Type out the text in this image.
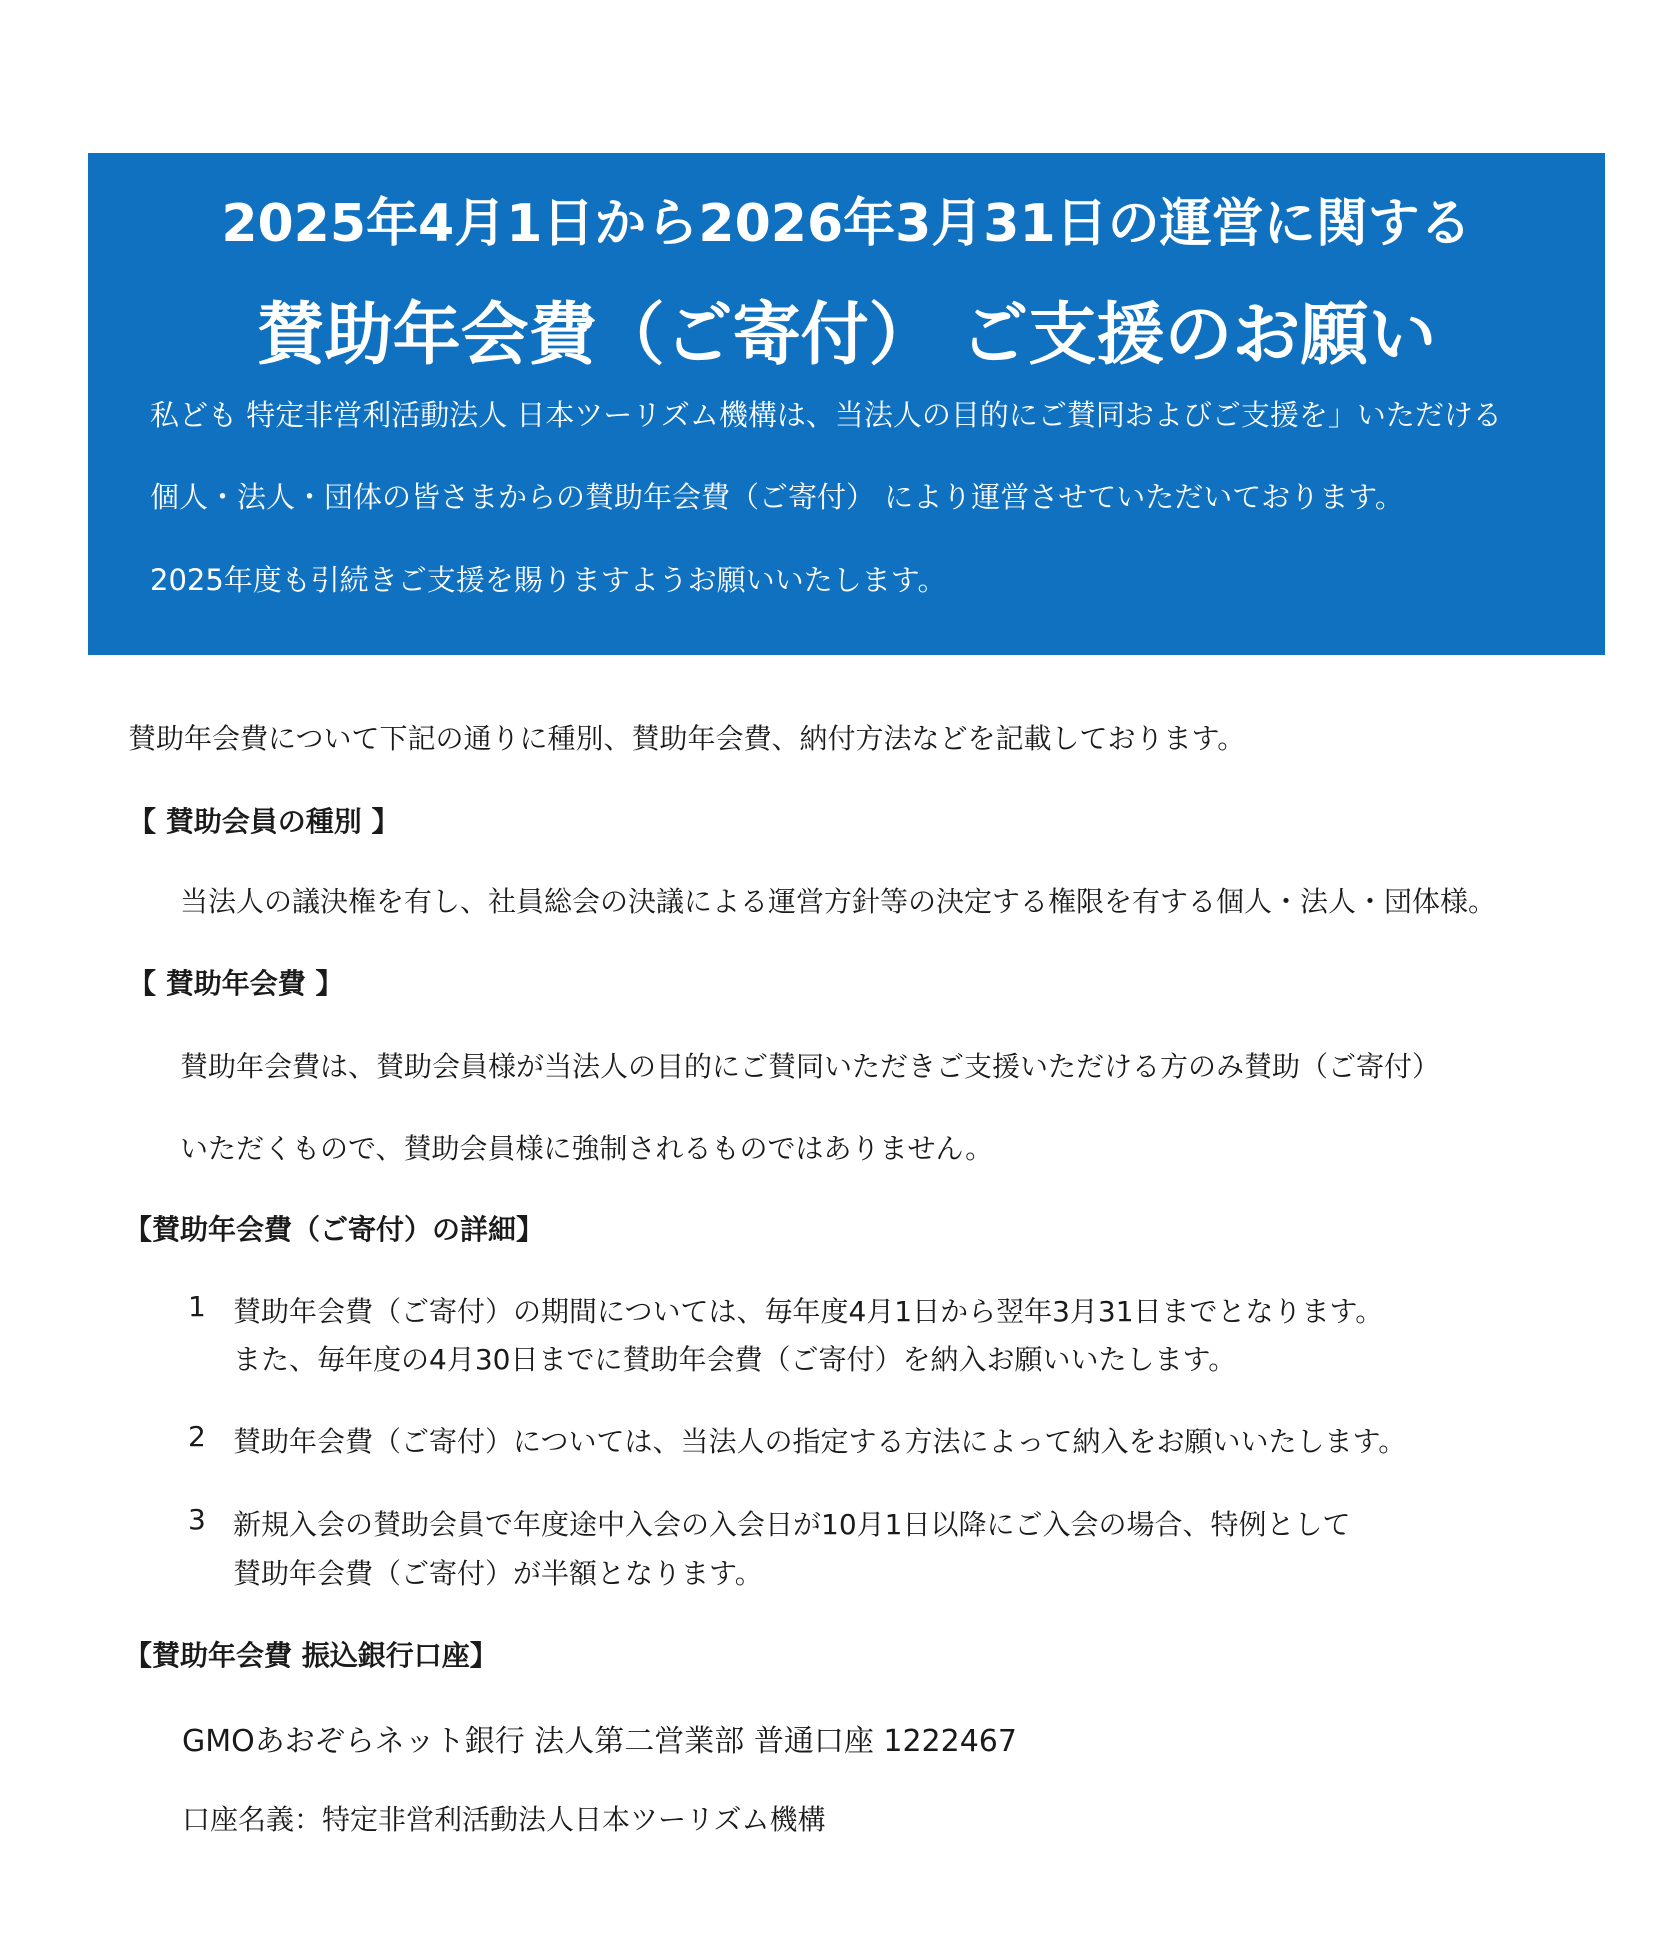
2025年4月1日から2026年3月31日の運営に関する
賛助年会費（ご寄付） ご支援のお願い
私ども 特定非営利活動法人 日本ツーリズム機構は、当法人の目的にご賛同およびご支援を」いただける
個人・法人・団体の皆さまからの賛助年会費（ご寄付） により運営させていただいております。
2025年度も引続きご支援を賜りますようお願いいたします。
賛助年会費について下記の通りに種別、賛助年会費、納付方法などを記載しております。
【 賛助会員の種別 】
当法人の議決権を有し、社員総会の決議による運営方針等の決定する権限を有する個人・法人・団体様。
【 賛助年会費 】
賛助年会費は、賛助会員様が当法人の目的にご賛同いただきご支援いただける方のみ賛助（ご寄付）
いただくもので、賛助会員様に強制されるものではありません。
【賛助年会費（ご寄付）の詳細】
1 賛助年会費（ご寄付）の期間については、毎年度4月1日から翌年3月31日までとなります。
また、毎年度の4月30日までに賛助年会費（ご寄付）を納入お願いいたします。
2 賛助年会費（ご寄付）については、当法人の指定する方法によって納入をお願いいたします。
3 新規入会の賛助会員で年度途中入会の入会日が10月1日以降にご入会の場合、特例として
賛助年会費（ご寄付）が半額となります。
【賛助年会費 振込銀行口座】
GMOあおぞらネット銀行 法人第二営業部 普通口座 1222467
口座名義：特定非営利活動法人日本ツーリズム機構
